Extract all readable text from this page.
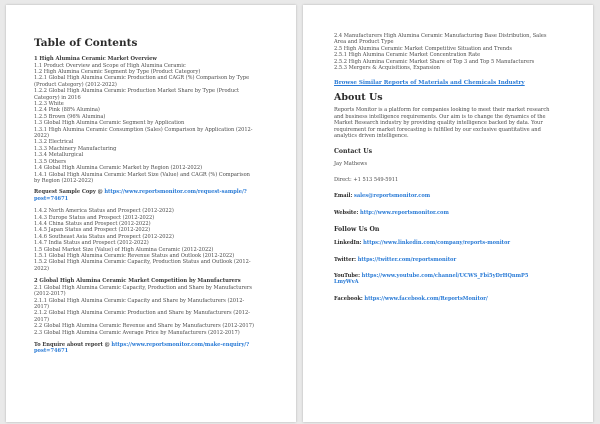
Table of Contents

1 High Alumina Ceramic Market Overview

1.1 Product Overview and Scope of High Alumina Ceramic

1.2 High Alumina Ceramic Segment by Type (Product Category)

1.2.1 Global High Alumina Ceramic Production and CAGR (%) Comparison by Type

(Product Category) (2012-2022)

1.2.2 Global High Alumina Ceramic Production Market Share by Type (Product

Category) in 2016

1.2.3 White

1.2.4 Pink (88% Alumina)

1.2.5 Brown (96% Alumina)

1.3 Global High Alumina Ceramic Segment by Application

1.3.1 High Alumina Ceramic Consumption (Sales) Comparison by Application (2012-

2022)

1.3.2 Electrical

1.3.3 Machinery Manufacturing

1.3.4 Metallurgical

1.3.5 Others

1.4 Global High Alumina Ceramic Market by Region (2012-2022)

1.4.1 Global High Alumina Ceramic Market Size (Value) and CAGR (%) Comparison

by Region (2012-2022)

Request Sample Copy @ https://www.reportsmonitor.com/request-sample/?post=74671

1.4.2 North America Status and Prospect (2012-2022)

1.4.3 Europe Status and Prospect (2012-2022)

1.4.4 China Status and Prospect (2012-2022)

1.4.5 Japan Status and Prospect (2012-2022)

1.4.6 Southeast Asia Status and Prospect (2012-2022)

1.4.7 India Status and Prospect (2012-2022)

1.5 Global Market Size (Value) of High Alumina Ceramic (2012-2022)

1.5.1 Global High Alumina Ceramic Revenue Status and Outlook (2012-2022)

1.5.2 Global High Alumina Ceramic Capacity, Production Status and Outlook (2012-

2022)

2 Global High Alumina Ceramic Market Competition by Manufacturers

2.1 Global High Alumina Ceramic Capacity, Production and Share by Manufacturers

(2012-2017)

2.1.1 Global High Alumina Ceramic Capacity and Share by Manufacturers (2012-

2017)

2.1.2 Global High Alumina Ceramic Production and Share by Manufacturers (2012-

2017)

2.2 Global High Alumina Ceramic Revenue and Share by Manufacturers (2012-2017)

2.3 Global High Alumina Ceramic Average Price by Manufacturers (2012-2017)

To Enquire about report @ https://www.reportsmonitor.com/make-enquiry/?post=74671

2.4 Manufacturers High Alumina Ceramic Manufacturing Base Distribution, Sales

Area and Product Type

2.5 High Alumina Ceramic Market Competitive Situation and Trends

2.5.1 High Alumina Ceramic Market Concentration Rate

2.5.2 High Alumina Ceramic Market Share of Top 3 and Top 5 Manufacturers

2.5.3 Mergers & Acquisitions, Expansion

Browse Similar Reports of Materials and Chemicals Industry

About Us

Reports Monitor is a platform for companies looking to meet their market research

and business intelligence requirements. Our aim is to change the dynamics of the

Market Research industry by providing quality intelligence backed by data. Your

requirement for market forecasting is fulfilled by our exclusive quantitative and

analytics driven intelligence.

Contact Us

Jay Mathews

Direct: +1 513 549-5911

Email: sales@reportsmonitor.com

Website: http://www.reportsmonitor.com

Follow Us On

LinkedIn: https://www.linkedin.com/company/reports-monitor

Twitter: https://twitter.com/reportsmonitor

YouTube: https://www.youtube.com/channel/UCWS_Fbi5yDrHQnmP5

LmyWvA

Facebook: https://www.facebook.com/ReportsMonitor/
